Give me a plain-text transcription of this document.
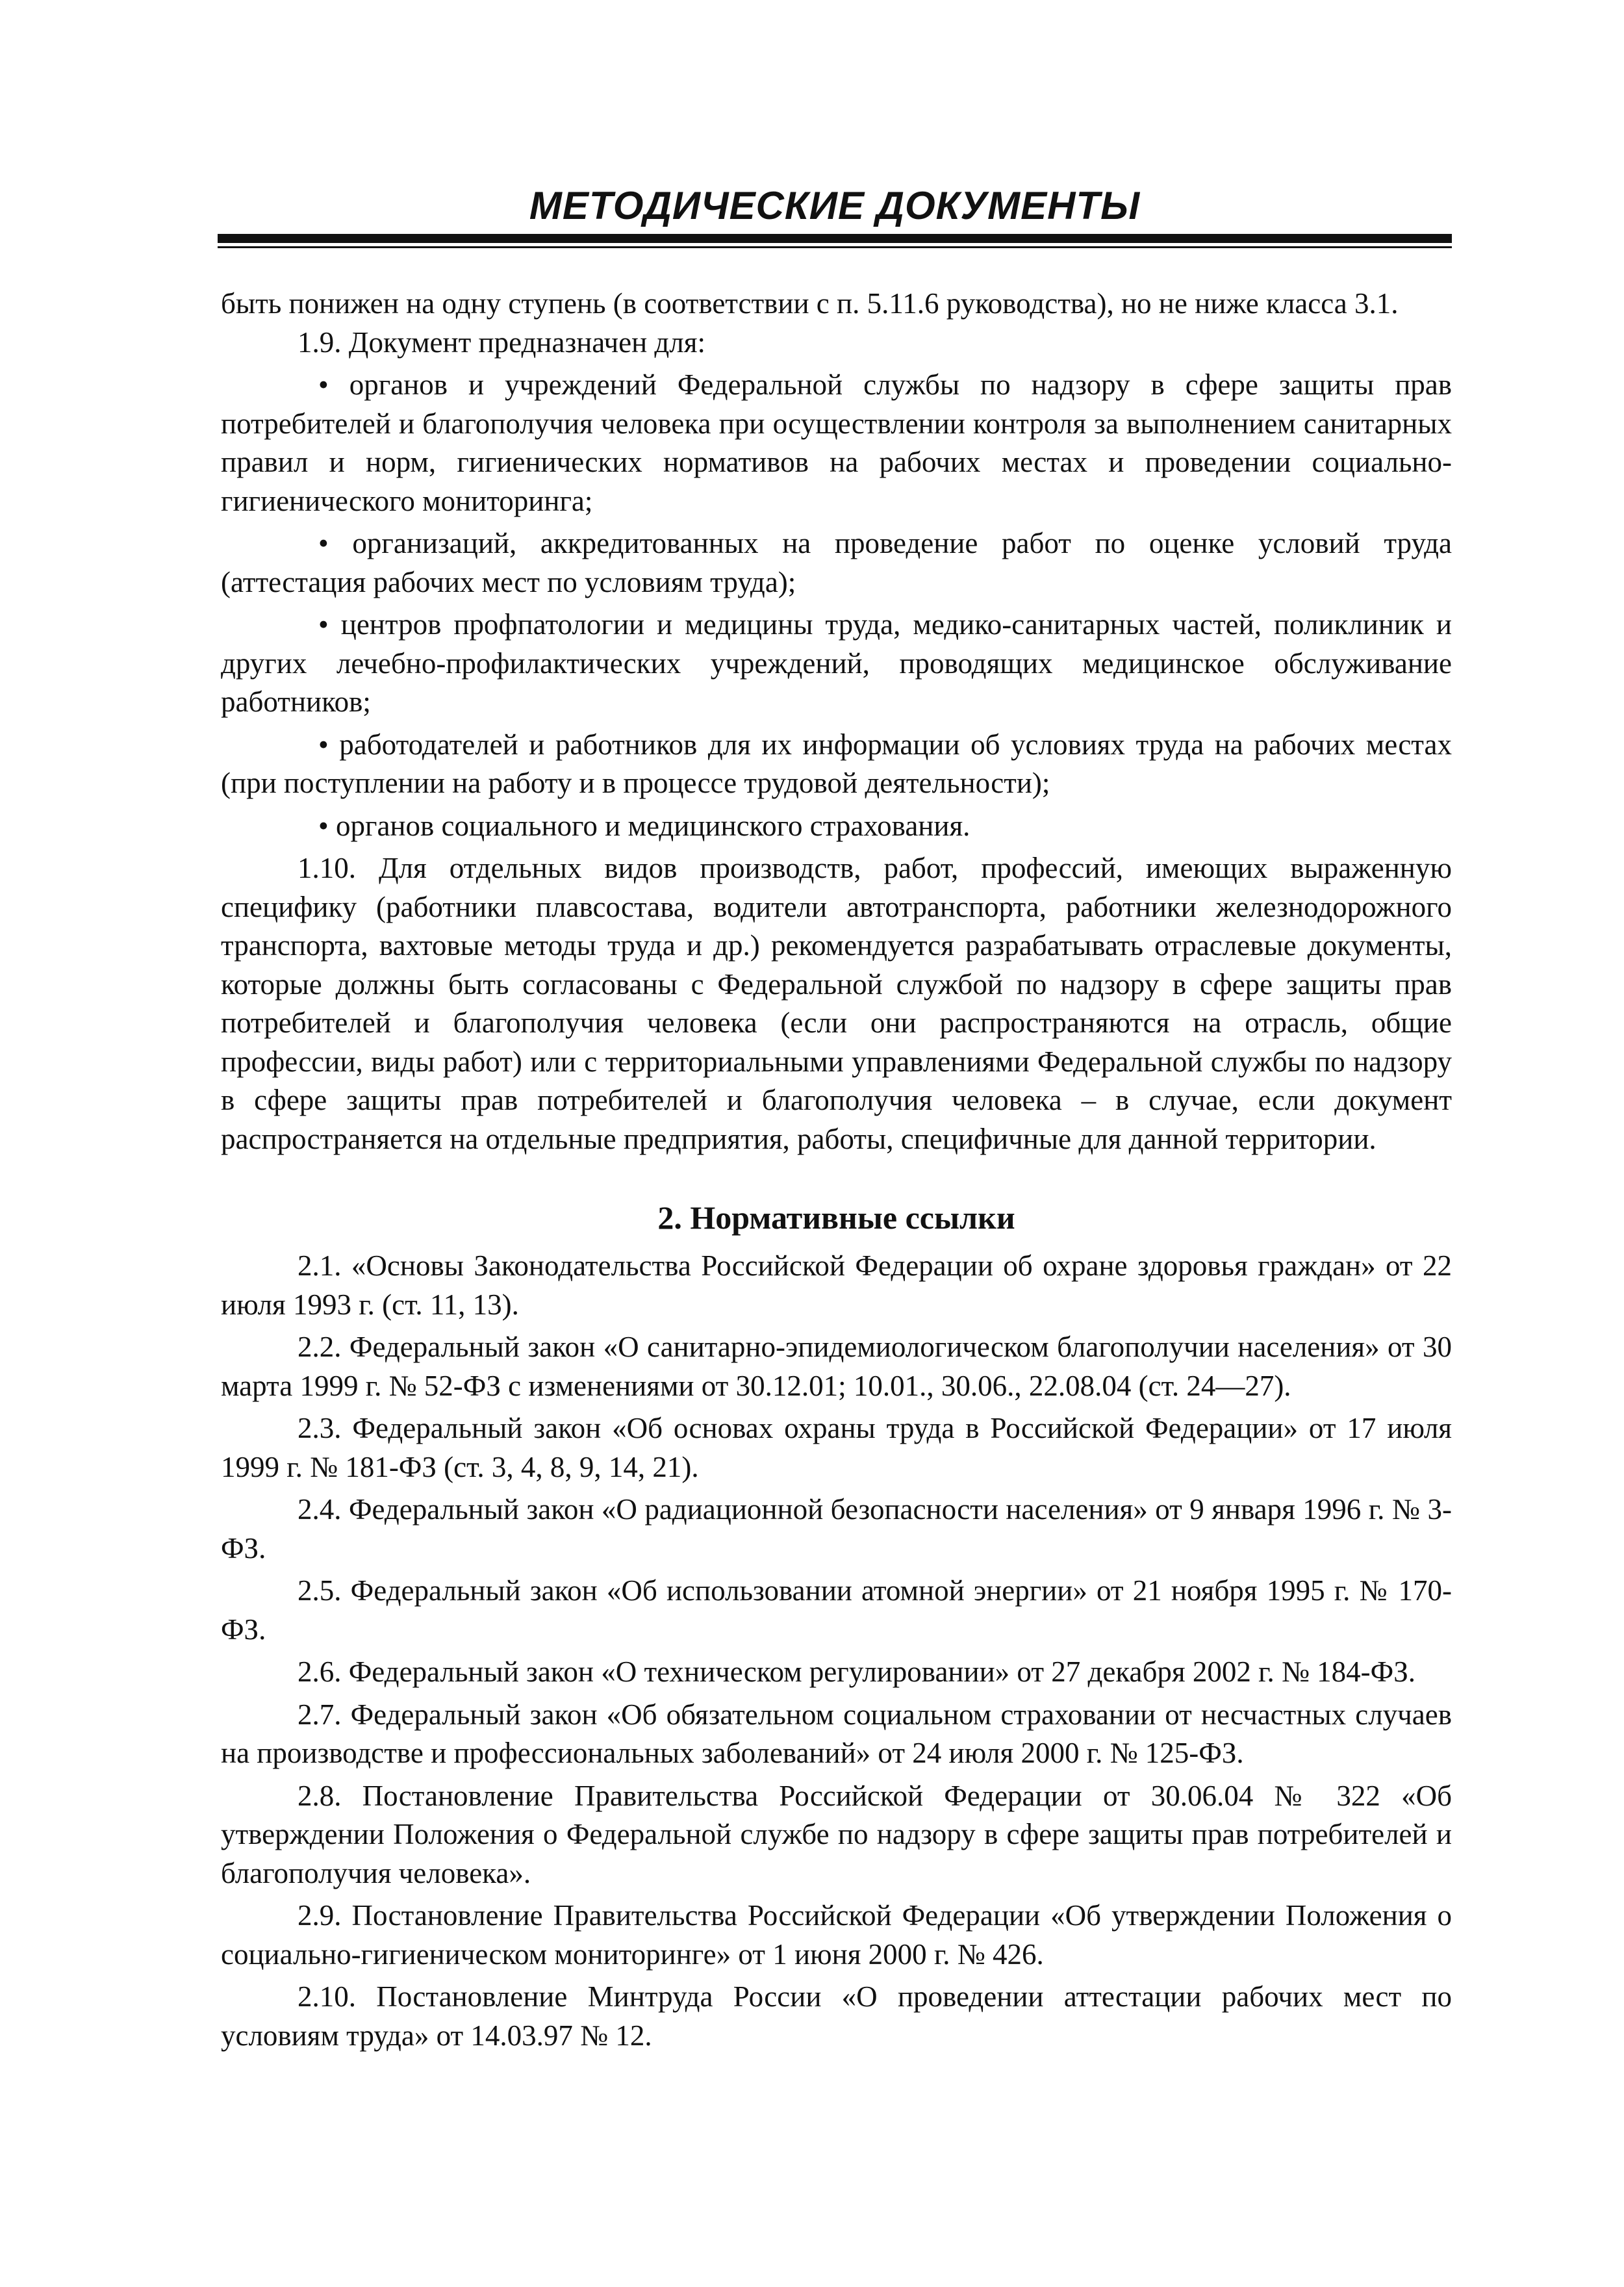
МЕТОДИЧЕСКИЕ ДОКУМЕНТЫ

быть понижен на одну ступень (в соответствии с п. 5.11.6 руководства), но не ниже класса 3.1.

1.9. Документ предназначен для:

• органов и учреждений Федеральной службы по надзору в сфере защиты прав потребителей и благополучия человека при осуществлении контроля за выполнением санитарных правил и норм, гигиенических нормативов на рабочих местах и проведении социально-гигиенического мониторинга;

• организаций, аккредитованных на проведение работ по оценке условий труда (аттестация рабочих мест по условиям труда);

• центров профпатологии и медицины труда, медико-санитарных частей, поликлиник и других лечебно-профилактических учреждений, проводящих медицинское обслуживание работников;

• работодателей и работников для их информации об условиях труда на рабочих местах (при поступлении на работу и в процессе трудовой деятельности);

• органов социального и медицинского страхования.

1.10. Для отдельных видов производств, работ, профессий, имеющих выраженную специфику (работники плавсостава, водители автотранспорта, работники железнодорожного транспорта, вахтовые методы труда и др.) рекомендуется разрабатывать отраслевые документы, которые должны быть согласованы с Федеральной службой по надзору в сфере защиты прав потребителей и благополучия человека (если они распространяются на отрасль, общие профессии, виды работ) или с территориальными управлениями Федеральной службы по надзору в сфере защиты прав потребителей и благополучия человека – в случае, если документ распространяется на отдельные предприятия, работы, специфичные для данной территории.

2. Нормативные ссылки

2.1. «Основы Законодательства Российской Федерации об охране здоровья граждан» от 22 июля 1993 г. (ст. 11, 13).

2.2. Федеральный закон «О санитарно-эпидемиологическом благополучии населения» от 30 марта 1999 г. № 52-ФЗ с изменениями от 30.12.01; 10.01., 30.06., 22.08.04 (ст. 24—27).

2.3. Федеральный закон «Об основах охраны труда в Российской Федерации» от 17 июля 1999 г. № 181-ФЗ (ст. 3, 4, 8, 9, 14, 21).

2.4. Федеральный закон «О радиационной безопасности населения» от 9 января 1996 г. № 3-ФЗ.

2.5. Федеральный закон «Об использовании атомной энергии» от 21 ноября 1995 г. № 170-ФЗ.

2.6. Федеральный закон «О техническом регулировании» от 27 декабря 2002 г. № 184-ФЗ.

2.7. Федеральный закон «Об обязательном социальном страховании от несчастных случаев на производстве и профессиональных заболеваний» от 24 июля 2000 г. № 125-ФЗ.

2.8. Постановление Правительства Российской Федерации от 30.06.04 № 322 «Об утверждении Положения о Федеральной службе по надзору в сфере защиты прав потребителей и благополучия человека».

2.9. Постановление Правительства Российской Федерации «Об утверждении Положения о социально-гигиеническом мониторинге» от 1 июня 2000 г. № 426.

2.10. Постановление Минтруда России «О проведении аттестации рабочих мест по условиям труда» от 14.03.97 № 12.
